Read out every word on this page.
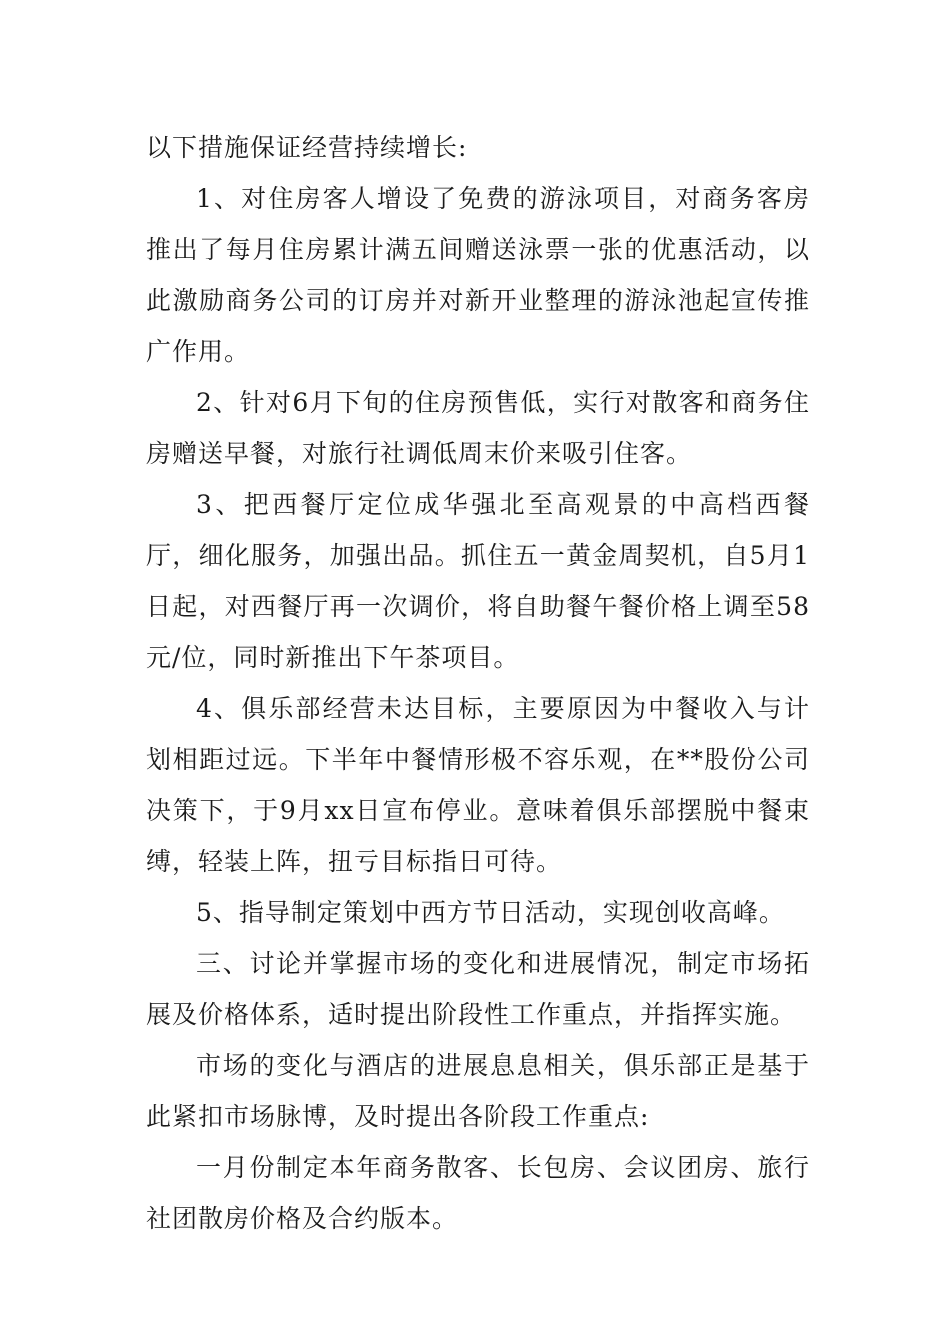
以下措施保证经营持续增长:

1、对住房客人增设了免费的游泳项目，对商务客房推出了每月住房累计满五间赠送泳票一张的优惠活动，以此激励商务公司的订房并对新开业整理的游泳池起宣传推广作用。

2、针对6月下旬的住房预售低，实行对散客和商务住房赠送早餐，对旅行社调低周末价来吸引住客。

3、把西餐厅定位成华强北至高观景的中高档西餐厅，细化服务，加强出品。抓住五一黄金周契机，自5月1日起，对西餐厅再一次调价，将自助餐午餐价格上调至58元/位，同时新推出下午茶项目。

4、俱乐部经营未达目标，主要原因为中餐收入与计划相距过远。下半年中餐情形极不容乐观，在**股份公司决策下，于9月xx日宣布停业。意味着俱乐部摆脱中餐束缚，轻装上阵，扭亏目标指日可待。

5、指导制定策划中西方节日活动，实现创收高峰。

三、讨论并掌握市场的变化和进展情况，制定市场拓展及价格体系，适时提出阶段性工作重点，并指挥实施。

市场的变化与酒店的进展息息相关，俱乐部正是基于此紧扣市场脉博，及时提出各阶段工作重点:

一月份制定本年商务散客、长包房、会议团房、旅行社团散房价格及合约版本。
